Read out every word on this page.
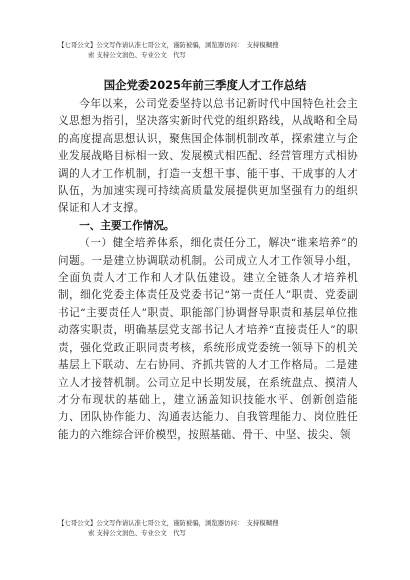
【七哥公文】公文写作请认准七哥公文，谨防被骗，浏览器访问：　支持模糊搜
索 支持公文润色、专业公文　代写
国企党委2025年前三季度人才工作总结

今年以来，公司党委坚持以总书记新时代中国特色社会主义思想为指引，坚决落实新时代党的组织路线，从战略和全局的高度提高思想认识，聚焦国企体制机制改革，探索建立与企业发展战略目标相一致、发展模式相匹配、经营管理方式相协调的人才工作机制，打造一支想干事、能干事、干成事的人才队伍，为加速实现可持续高质量发展提供更加坚强有力的组织保证和人才支撑。

一、主要工作情况。

（一）健全培养体系，细化责任分工，解决“谁来培养”的问题。一是建立协调联动机制。公司成立人才工作领导小组，全面负责人才工作和人才队伍建设。建立全链条人才培养机制，细化党委主体责任及党委书记“第一责任人”职责、党委副书记“主要责任人”职责、职能部门协调督导职责和基层单位推动落实职责，明确基层党支部书记人才培养“直接责任人”的职责，强化党政正职同责考核，系统形成党委统一领导下的机关基层上下联动、左右协同、齐抓共管的人才工作格局。二是建立人才接替机制。公司立足中长期发展，在系统盘点、摸清人才分布现状的基础上，建立涵盖知识技能水平、创新创造能力、团队协作能力、沟通表达能力、自我管理能力、岗位胜任能力的六维综合评价模型，按照基础、骨干、中坚、拔尖、领

【七哥公文】公文写作请认准七哥公文，谨防被骗，浏览器访问：　支持模糊搜
索 支持公文润色、专业公文　代写
